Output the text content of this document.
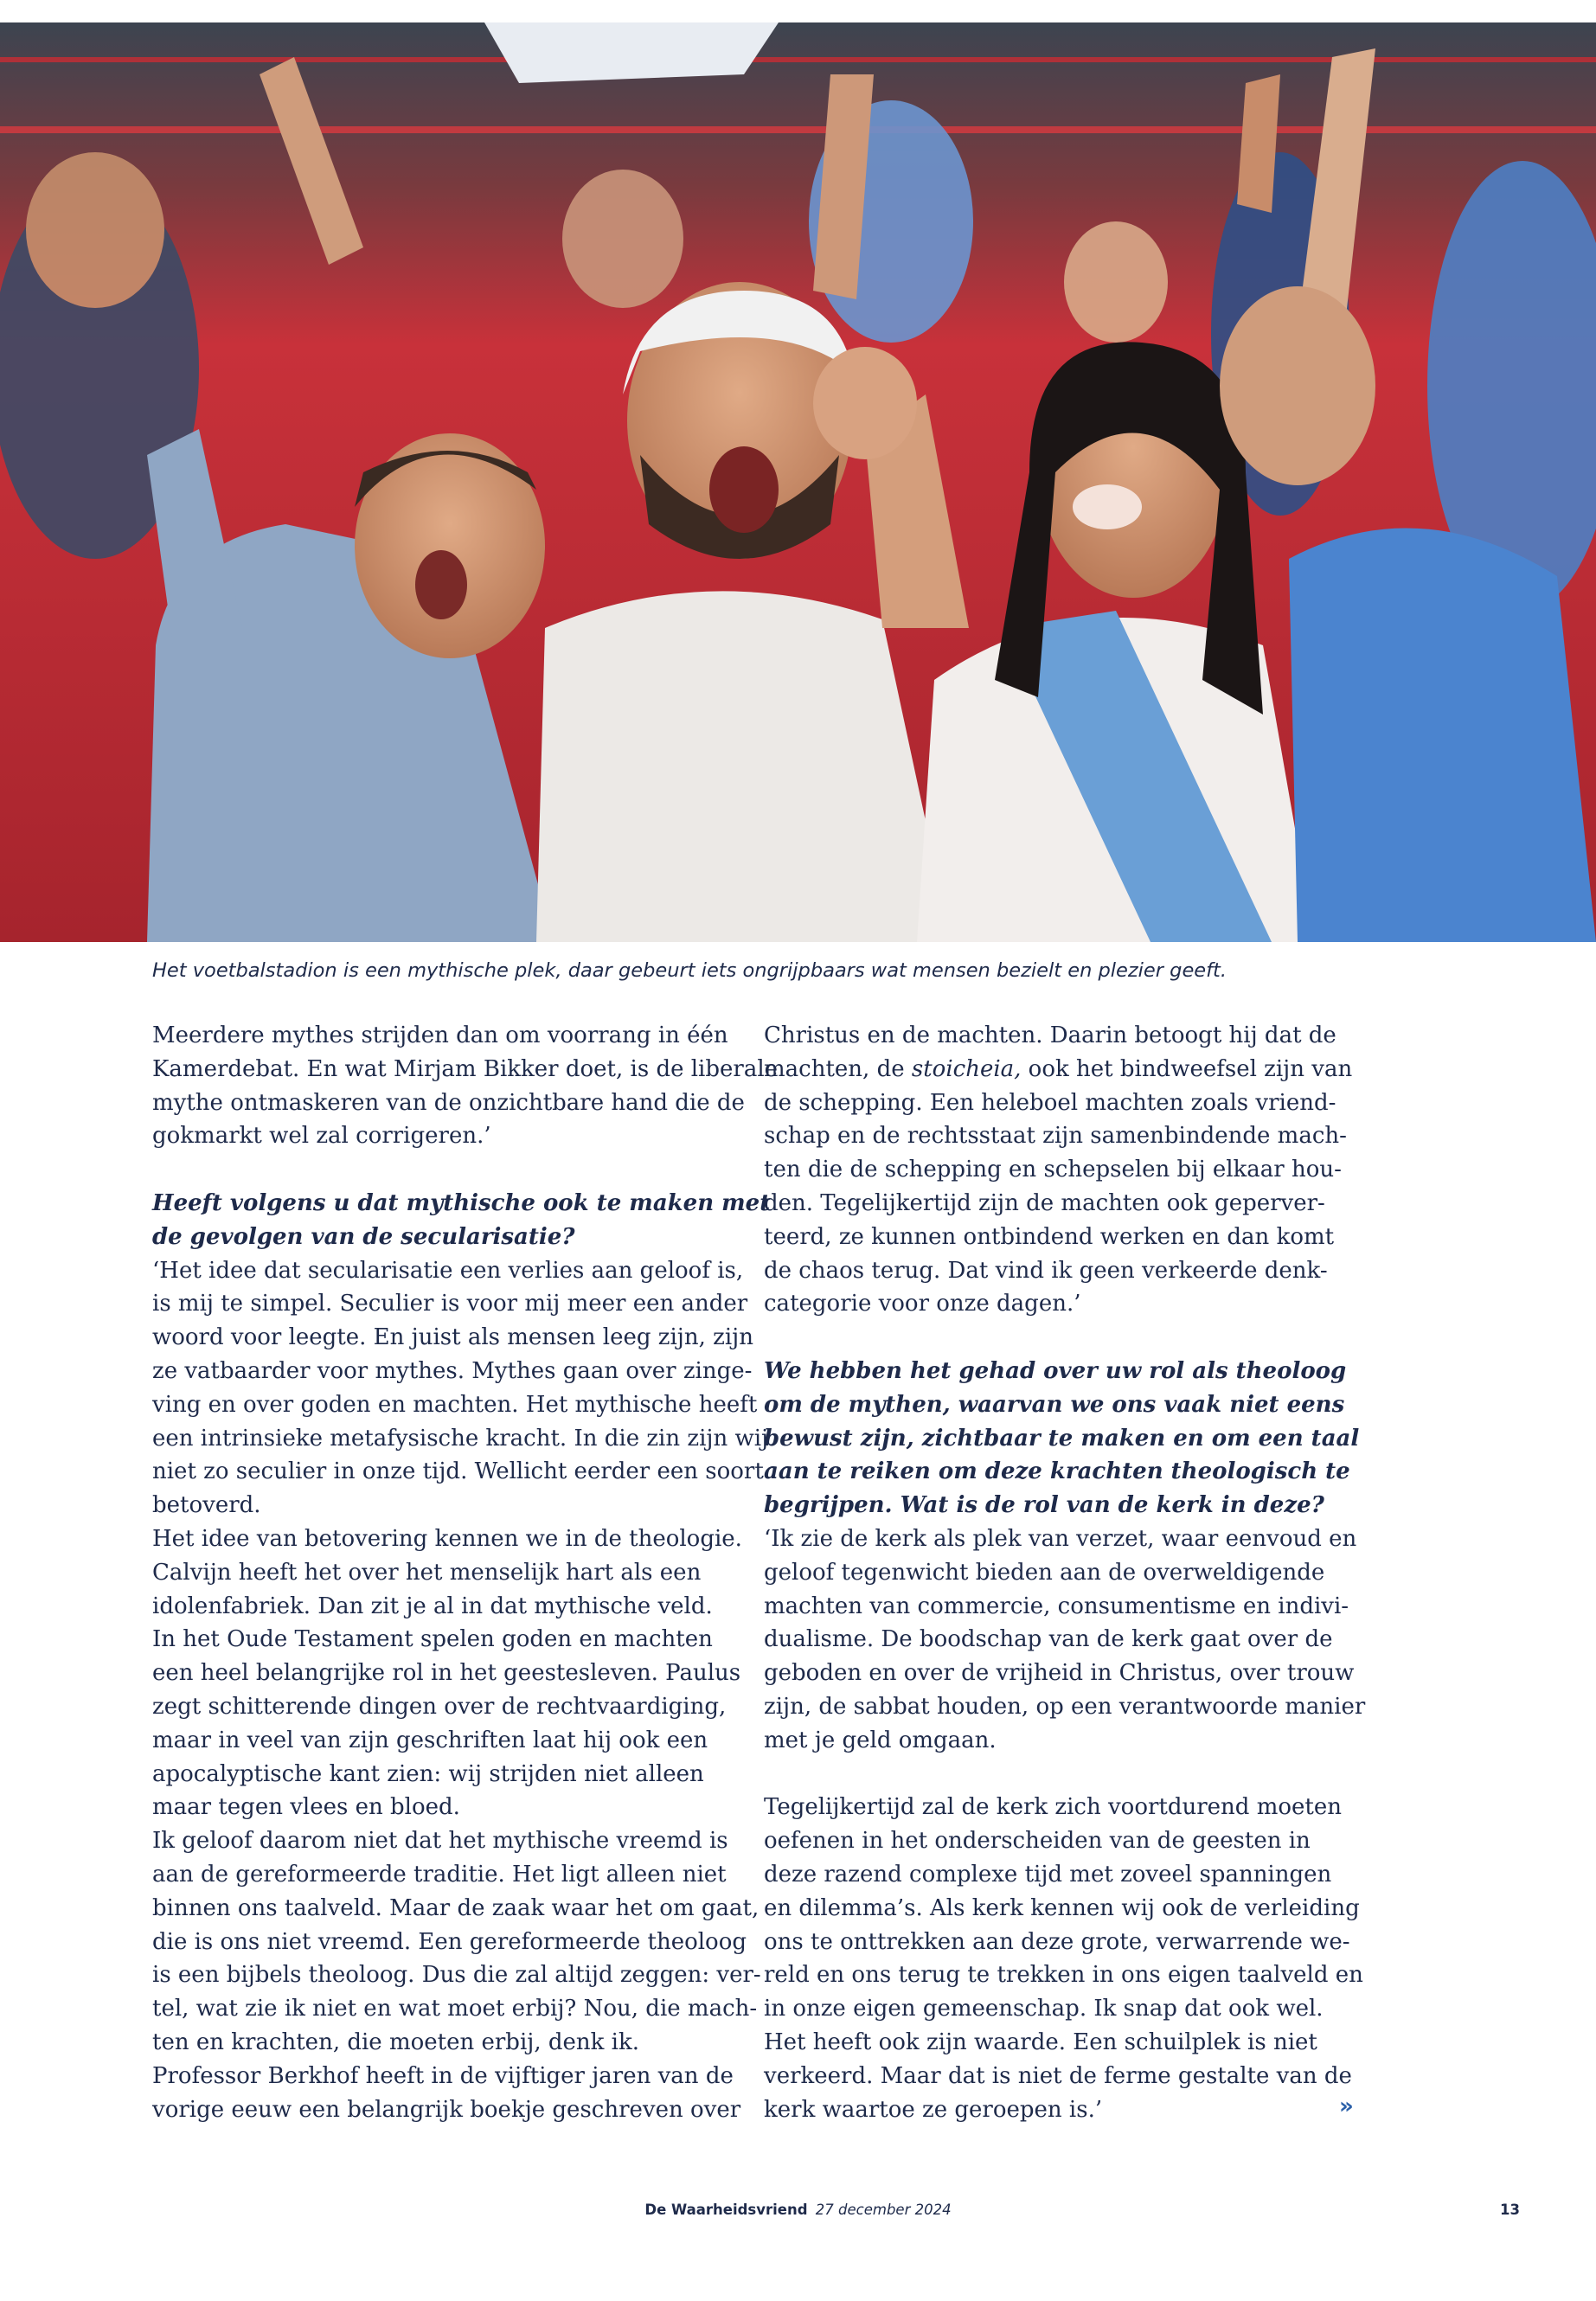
Het voetbalstadion is een mythische plek, daar gebeurt iets ongrijpbaars wat mensen bezielt en plezier geeft.

Meerdere mythes strijden dan om voorrang in één

Kamerdebat. En wat Mirjam Bikker doet, is de liberale

mythe ontmaskeren van de onzichtbare hand die de

gokmarkt wel zal corrigeren.’

Heeft volgens u dat mythische ook te maken met

de gevolgen van de secularisatie?

‘Het idee dat secularisatie een verlies aan geloof is,

is mij te simpel. Seculier is voor mij meer een ander

woord voor leegte. En juist als mensen leeg zijn, zijn

ze vatbaarder voor mythes. Mythes gaan over zinge-

ving en over goden en machten. Het mythische heeft

een intrinsieke metafysische kracht. In die zin zijn wij

niet zo seculier in onze tijd. Wellicht eerder een soort

betoverd.

Het idee van betovering kennen we in de theologie.

Calvijn heeft het over het menselijk hart als een

idolenfabriek. Dan zit je al in dat mythische veld.

In het Oude Testament spelen goden en machten

een heel belangrijke rol in het geestesleven. Paulus

zegt schitterende dingen over de rechtvaardiging,

maar in veel van zijn geschriften laat hij ook een

apocalyptische kant zien: wij strijden niet alleen

maar tegen vlees en bloed.

Ik geloof daarom niet dat het mythische vreemd is

aan de gereformeerde traditie. Het ligt alleen niet

binnen ons taalveld. Maar de zaak waar het om gaat,

die is ons niet vreemd. Een gereformeerde theoloog

is een bijbels theoloog. Dus die zal altijd zeggen: ver-

tel, wat zie ik niet en wat moet erbij? Nou, die mach-

ten en krachten, die moeten erbij, denk ik.

Professor Berkhof heeft in de vijftiger jaren van de

vorige eeuw een belangrijk boekje geschreven over

Christus en de machten. Daarin betoogt hij dat de

machten, de stoicheia, ook het bindweefsel zijn van

de schepping. Een heleboel machten zoals vriend-

schap en de rechtsstaat zijn samenbindende mach-

ten die de schepping en schepselen bij elkaar hou-

den. Tegelijkertijd zijn de machten ook geperver-

teerd, ze kunnen ontbindend werken en dan komt

de chaos terug. Dat vind ik geen verkeerde denk-

categorie voor onze dagen.’

We hebben het gehad over uw rol als theoloog

om de mythen, waarvan we ons vaak niet eens

bewust zijn, zichtbaar te maken en om een taal

aan te reiken om deze krachten theologisch te

begrijpen. Wat is de rol van de kerk in deze?

‘Ik zie de kerk als plek van verzet, waar eenvoud en

geloof tegenwicht bieden aan de overweldigende

machten van commercie, consumentisme en indivi-

dualisme. De boodschap van de kerk gaat over de

geboden en over de vrijheid in Christus, over trouw

zijn, de sabbat houden, op een verantwoorde manier

met je geld omgaan.

Tegelijkertijd zal de kerk zich voortdurend moeten

oefenen in het onderscheiden van de geesten in

deze razend complexe tijd met zoveel spanningen

en dilemma’s. Als kerk kennen wij ook de verleiding

ons te onttrekken aan deze grote, verwarrende we-

reld en ons terug te trekken in ons eigen taalveld en

in onze eigen gemeenschap. Ik snap dat ook wel.

Het heeft ook zijn waarde. Een schuilplek is niet

verkeerd. Maar dat is niet de ferme gestalte van de

kerk waartoe ze geroepen is.’	»
De Waarheidsvriend 27 december 2024	13
